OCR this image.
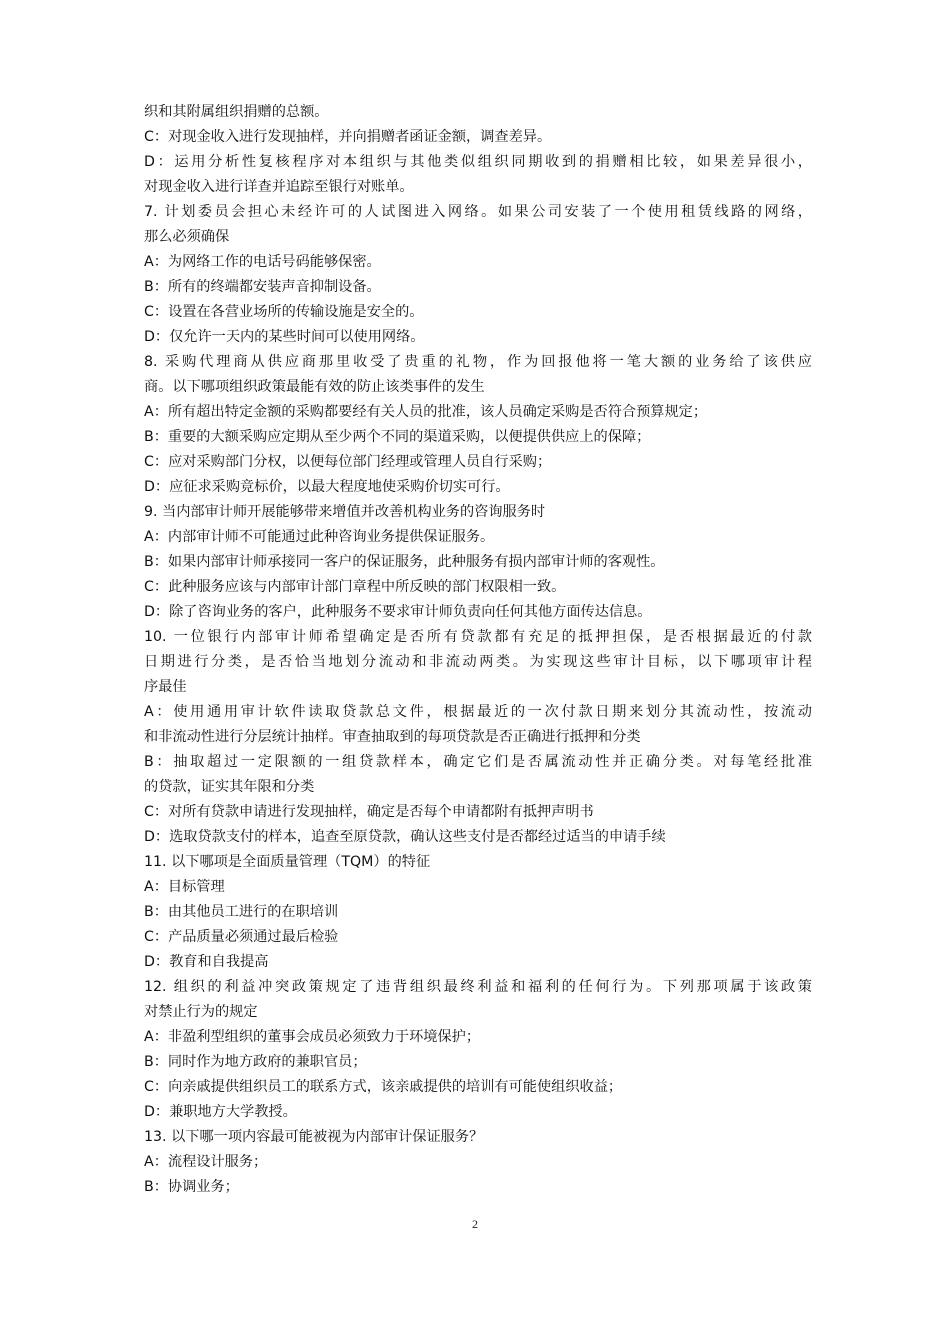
织和其附属组织捐赠的总额。
C：对现金收入进行发现抽样，并向捐赠者函证金额，调查差异。
D：运用分析性复核程序对本组织与其他类似组织同期收到的捐赠相比较，如果差异很小，
对现金收入进行详查并追踪至银行对账单。
7. 计划委员会担心未经许可的人试图进入网络。如果公司安装了一个使用租赁线路的网络，
那么必须确保
A：为网络工作的电话号码能够保密。
B：所有的终端都安装声音抑制设备。
C：设置在各营业场所的传输设施是安全的。
D：仅允许一天内的某些时间可以使用网络。
8. 采购代理商从供应商那里收受了贵重的礼物，作为回报他将一笔大额的业务给了该供应
商。以下哪项组织政策最能有效的防止该类事件的发生
A：所有超出特定金额的采购都要经有关人员的批准，该人员确定采购是否符合预算规定；
B：重要的大额采购应定期从至少两个不同的渠道采购，以便提供供应上的保障；
C：应对采购部门分权，以便每位部门经理或管理人员自行采购；
D：应征求采购竞标价，以最大程度地使采购价切实可行。
9. 当内部审计师开展能够带来增值并改善机构业务的咨询服务时
A：内部审计师不可能通过此种咨询业务提供保证服务。
B：如果内部审计师承接同一客户的保证服务，此种服务有损内部审计师的客观性。
C：此种服务应该与内部审计部门章程中所反映的部门权限相一致。
D：除了咨询业务的客户，此种服务不要求审计师负责向任何其他方面传达信息。
10. 一位银行内部审计师希望确定是否所有贷款都有充足的抵押担保，是否根据最近的付款
日期进行分类，是否恰当地划分流动和非流动两类。为实现这些审计目标，以下哪项审计程
序最佳
A：使用通用审计软件读取贷款总文件，根据最近的一次付款日期来划分其流动性，按流动
和非流动性进行分层统计抽样。审查抽取到的每项贷款是否正确进行抵押和分类
B：抽取超过一定限额的一组贷款样本，确定它们是否属流动性并正确分类。对每笔经批准
的贷款，证实其年限和分类
C：对所有贷款申请进行发现抽样，确定是否每个申请都附有抵押声明书
D：选取贷款支付的样本，追查至原贷款，确认这些支付是否都经过适当的申请手续
11. 以下哪项是全面质量管理（TQM）的特征
A：目标管理
B：由其他员工进行的在职培训
C：产品质量必须通过最后检验
D：教育和自我提高
12. 组织的利益冲突政策规定了违背组织最终利益和福利的任何行为。下列那项属于该政策
对禁止行为的规定
A：非盈利型组织的董事会成员必须致力于环境保护；
B：同时作为地方政府的兼职官员；
C：向亲戚提供组织员工的联系方式，该亲戚提供的培训有可能使组织收益；
D：兼职地方大学教授。
13. 以下哪一项内容最可能被视为内部审计保证服务？
A：流程设计服务；
B：协调业务；
2
